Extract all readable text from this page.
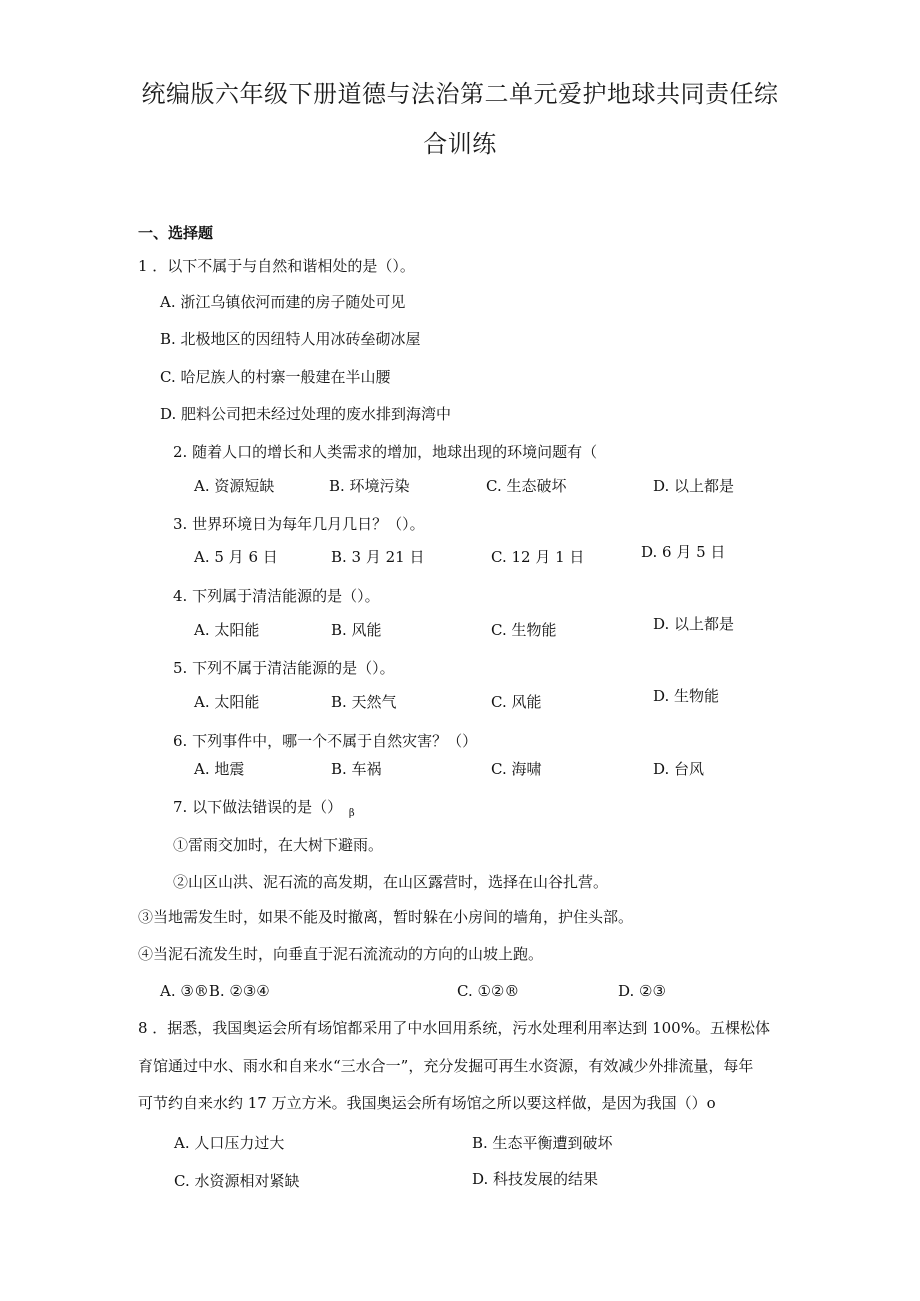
统编版六年级下册道德与法治第二单元爱护地球共同责任综
合训练
一、选择题
1 ．以下不属于与自然和谐相处的是（）。
A. 浙江乌镇依河而建的房子随处可见
B. 北极地区的因纽特人用冰砖垒砌冰屋
C. 哈尼族人的村寨一般建在半山腰
D. 肥料公司把未经过处理的废水排到海湾中
2. 随着人口的增长和人类需求的增加，地球出现的环境问题有（
A. 资源短缺	B. 环境污染	C. 生态破坏	D. 以上都是
3. 世界环境日为每年几月几日？（）。
A. 5 月 6 日	B. 3 月 21 日	C. 12 月 1 日	D. 6 月 5 日
4. 下列属于清洁能源的是（）。
A. 太阳能	B. 风能	C. 生物能	D. 以上都是
5. 下列不属于清洁能源的是（）。
A. 太阳能	B. 天然气	C. 风能	D. 生物能
6. 下列事件中，哪一个不属于自然灾害？（）
A. 地震	B. 车祸	C. 海啸	D. 台风
7. 以下做法错误的是（） $_\beta$
①雷雨交加时，在大树下避雨。
②山区山洪、泥石流的高发期，在山区露营时，选择在山谷扎营。
③当地需发生时，如果不能及时撤离，暂时躲在小房间的墙角，护住头部。
④当泥石流发生时，向垂直于泥石流流动的方向的山坡上跑。
A. ③®B. ②③④	C. ①②®	D. ②③
8 ．据悉，我国奥运会所有场馆都采用了中水回用系统，污水处理利用率达到 100%。五棵松体
育馆通过中水、雨水和自来水“三水合一”，充分发掘可再生水资源，有效减少外排流量，每年
可节约自来水约 17 万立方米。我国奥运会所有场馆之所以要这样做，是因为我国（）o
A. 人口压力过大	B. 生态平衡遭到破坏
C. 水资源相对紧缺	D. 科技发展的结果
